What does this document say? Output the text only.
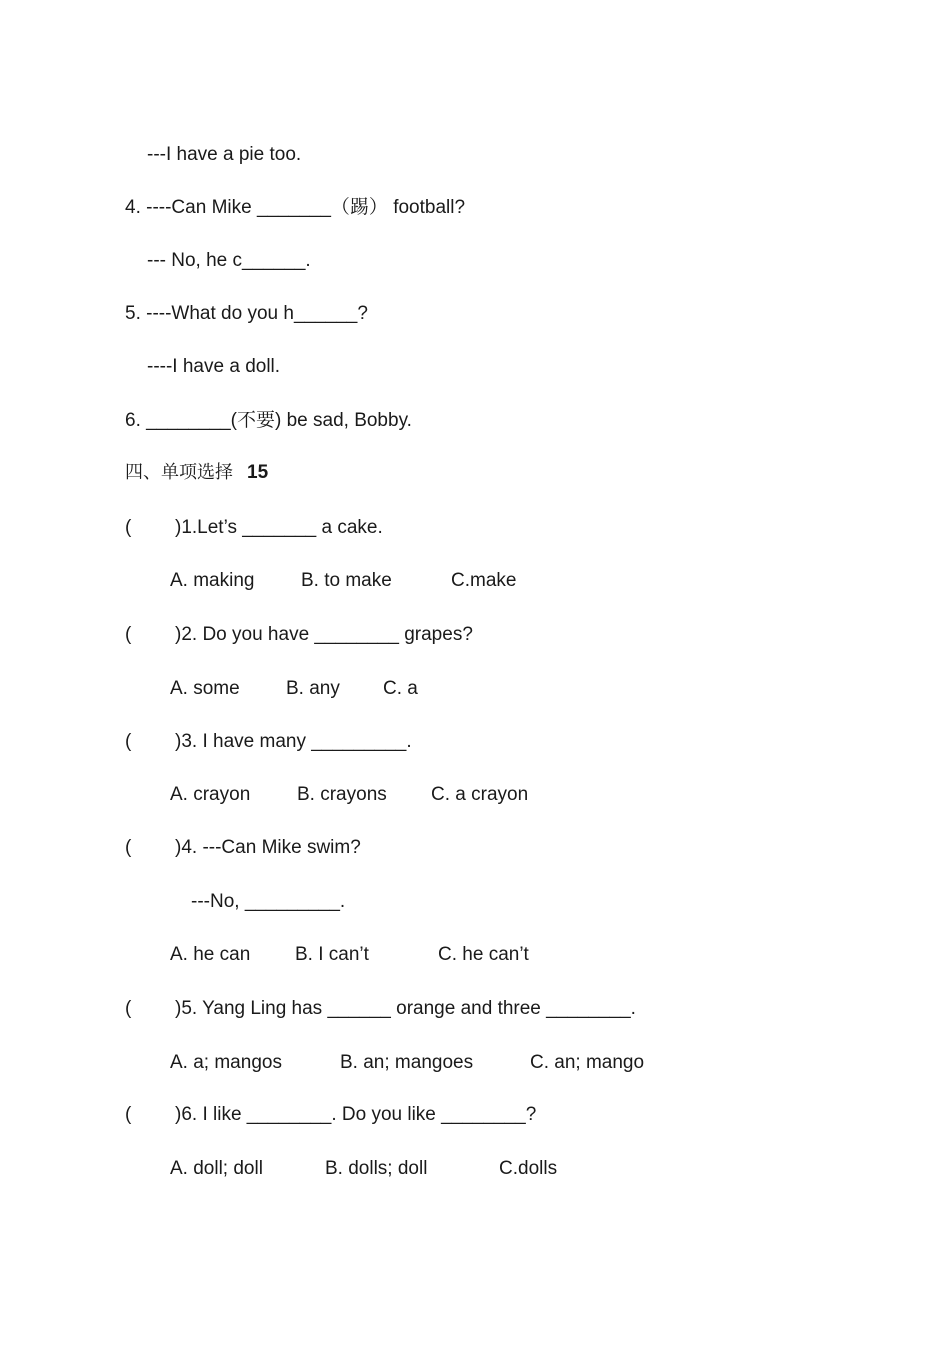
---I have a pie too.
4. ----Can Mike _______（踢） football?
--- No, he c______.
5. ----What do you h______?
----I have a doll.
6. ________(不要) be sad, Bobby.
四、单项选择 15
( )1.Let’s _______ a cake.
A. making B. to make	C.make
( )2. Do you have ________ grapes?
A. some B. any C. a
( )3. I have many _________.
A. crayon B. crayons C. a crayon
( )4. ---Can Mike swim?
---No, _________.
A. he can B. I can’t	C. he can’t
( )5. Yang Ling has ______ orange and three ________.
A. a; mangos	B. an; mangoes	C. an; mango
( )6. I like ________. Do you like ________?
A. doll; doll	B. dolls; doll	C.dolls
